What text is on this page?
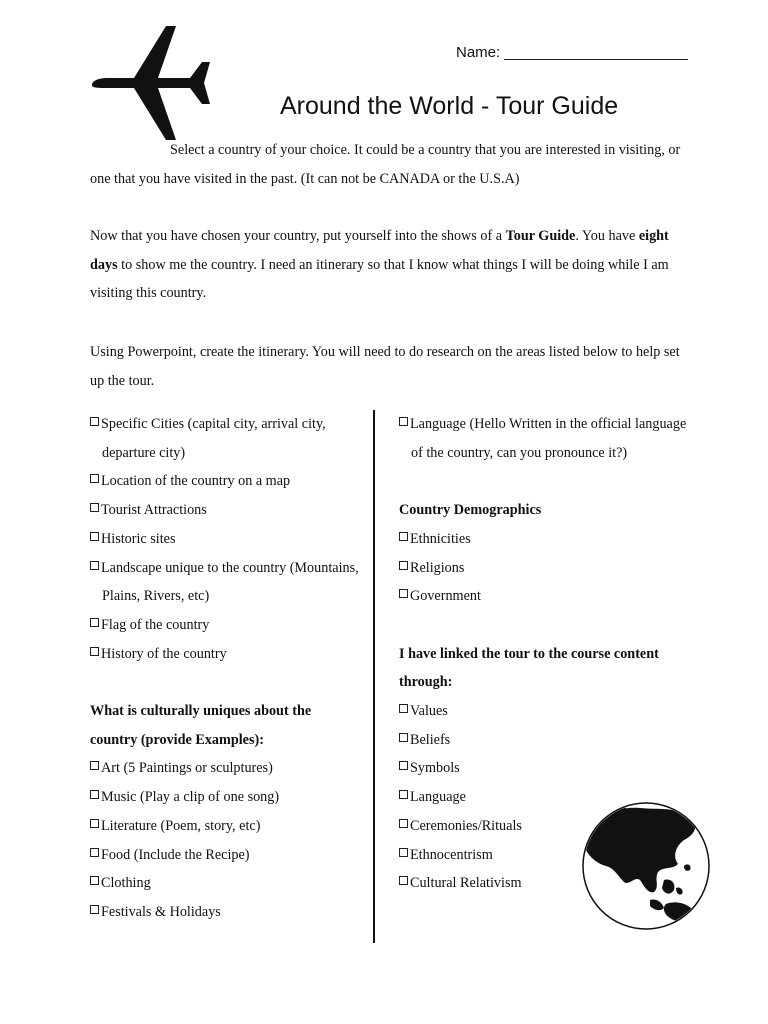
Name: ______________________
Around the World - Tour Guide
Select a country of your choice. It could be a country that you are interested in visiting, or one that you have visited in the past. (It can not be CANADA or the U.S.A)
Now that you have chosen your country, put yourself into the shows of a Tour Guide. You have eight days to show me the country. I need an itinerary so that I know what things I will be doing while I am visiting this country.
Using Powerpoint, create the itinerary. You will need to do research on the areas listed below to help set up the tour.
Specific Cities (capital city, arrival city, departure city)
Location of the country on a map
Tourist Attractions
Historic sites
Landscape unique to the country (Mountains, Plains, Rivers, etc)
Flag of the country
History of the country
What is culturally uniques about the country (provide Examples):
Art (5 Paintings or sculptures)
Music (Play a clip of one song)
Literature (Poem, story, etc)
Food (Include the Recipe)
Clothing
Festivals & Holidays
Language (Hello Written in the official language of the country, can you pronounce it?)
Country Demographics
Ethnicities
Religions
Government
I have linked the tour to the course content through:
Values
Beliefs
Symbols
Language
Ceremonies/Rituals
Ethnocentrism
Cultural Relativism
